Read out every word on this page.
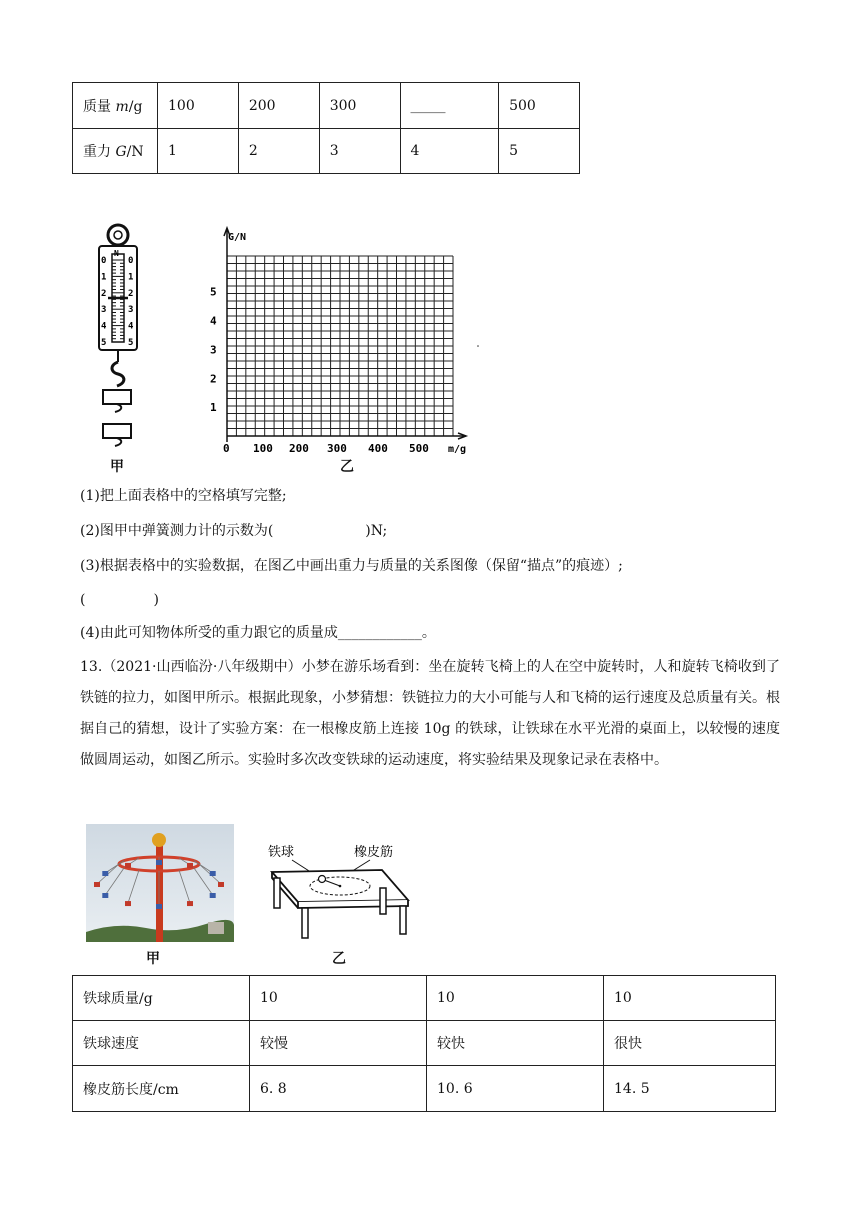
质量 m/g	100	200	300	_____	500
重力 G/N	1	2	3	4	5
N
0
1
2
3
4
5
0
1
2
3
4
5
甲
G/N
m/g
1
2
3
4
5
0 100 200 300 400 500
乙
(1)把上面表格中的空格填写完整;
(2)图甲中弹簧测力计的示数为(	)N;
(3)根据表格中的实验数据，在图乙中画出重力与质量的关系图像（保留“描点”的痕迹）;
(	)
(4)由此可知物体所受的重力跟它的质量成____________。
13.（2021·山西临汾·八年级期中）小梦在游乐场看到：坐在旋转飞椅上的人在空中旋转时，人和旋转飞椅收到了铁链的拉力，如图甲所示。根据此现象，小梦猜想：铁链拉力的大小可能与人和飞椅的运行速度及总质量有关。根据自己的猜想，设计了实验方案：在一根橡皮筋上连接 10g 的铁球，让铁球在水平光滑的桌面上，以较慢的速度做圆周运动，如图乙所示。实验时多次改变铁球的运动速度，将实验结果及现象记录在表格中。
甲
铁球	橡皮筋
乙
铁球质量/g	10	10	10
铁球速度	较慢	较快	很快
橡皮筋长度/cm	6. 8	10. 6	14. 5
